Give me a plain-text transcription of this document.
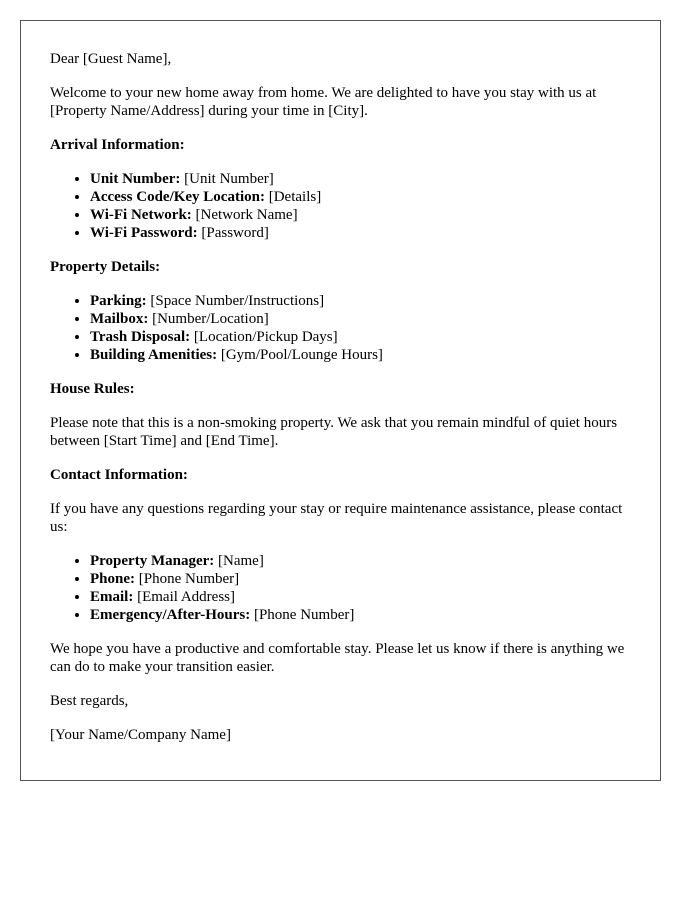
Dear [Guest Name],

Welcome to your new home away from home. We are delighted to have you stay with us at [Property Name/Address] during your time in [City].

Arrival Information:
• Unit Number: [Unit Number]
• Access Code/Key Location: [Details]
• Wi-Fi Network: [Network Name]
• Wi-Fi Password: [Password]
Property Details:
• Parking: [Space Number/Instructions]
• Mailbox: [Number/Location]
• Trash Disposal: [Location/Pickup Days]
• Building Amenities: [Gym/Pool/Lounge Hours]
House Rules:

Please note that this is a non-smoking property. We ask that you remain mindful of quiet hours between [Start Time] and [End Time].

Contact Information:

If you have any questions regarding your stay or require maintenance assistance, please contact us:

• Property Manager: [Name]
• Phone: [Phone Number]
• Email: [Email Address]
• Emergency/After-Hours: [Phone Number]

We hope you have a productive and comfortable stay. Please let us know if there is anything we can do to make your transition easier.

Best regards,

[Your Name/Company Name]
